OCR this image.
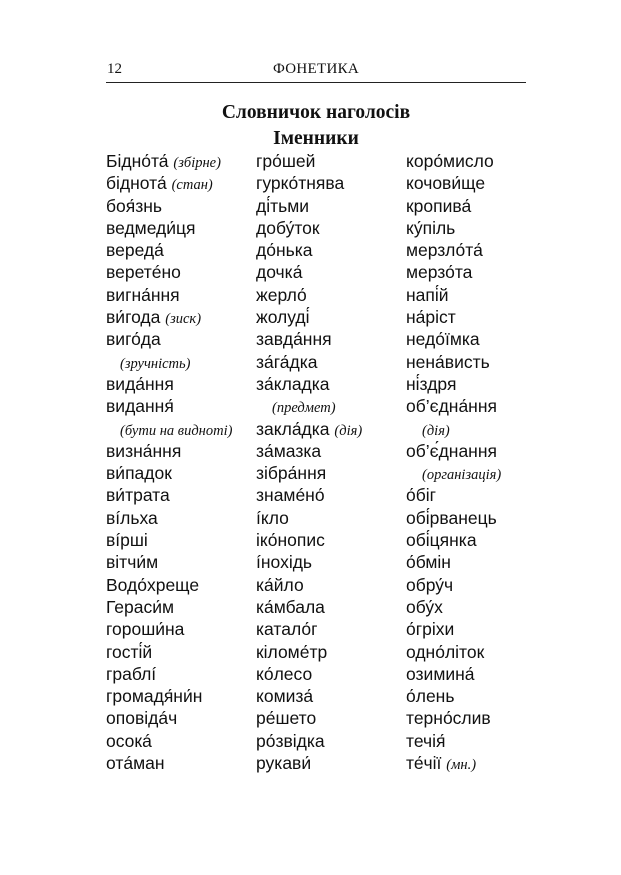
12	ФОНЕТИКА
Словничок наголосів
Іменники
Бідно́та́ (збірне)
біднота́ (стан)
боя́знь
ведмеди́ця
вереда́
веретéно
вигна́ння
ви́года (зиск)
виго́да
(зручність)
вида́ння
видання́
(бути на видноті)
визна́ння
ви́падок
ви́трата
вíльха
вíрші
вітчи́м
Водо́хреще
Гераси́м
гороши́на
гості́й
граблí
громадя́ни́н
оповідáч
осокá
отáман
гро́шей
гурко́тнява
ді́тьми
добу́ток
до́нька
дочка́
жерло́
жолуді́
завда́ння
за́га́дка
за́кладка
(предмет)
закла́дка (дія)
за́мазка
зібра́ння
знамéно́
íкло
іко́нопис
íнохідь
ка́йло
ка́мбала
катало́г
кіломе́тр
ко́лесо
комиза́
ре́шето
ро́звідка
рукави́
коро́мисло
кочови́ще
кропива́
ку́піль
мерзло́та́
мерзо́та
напі́й
на́ріст
недо́їмка
нена́висть
ні́здря
об’єдна́ння
(дія)
об’є́днання
(організація)
о́біг
обі́рванець
обі́цянка
о́бмін
обру́ч
обу́х
о́гріхи
одно́літок
озимина́
о́лень
терно́слив
течія́
те́чії (мн.)
